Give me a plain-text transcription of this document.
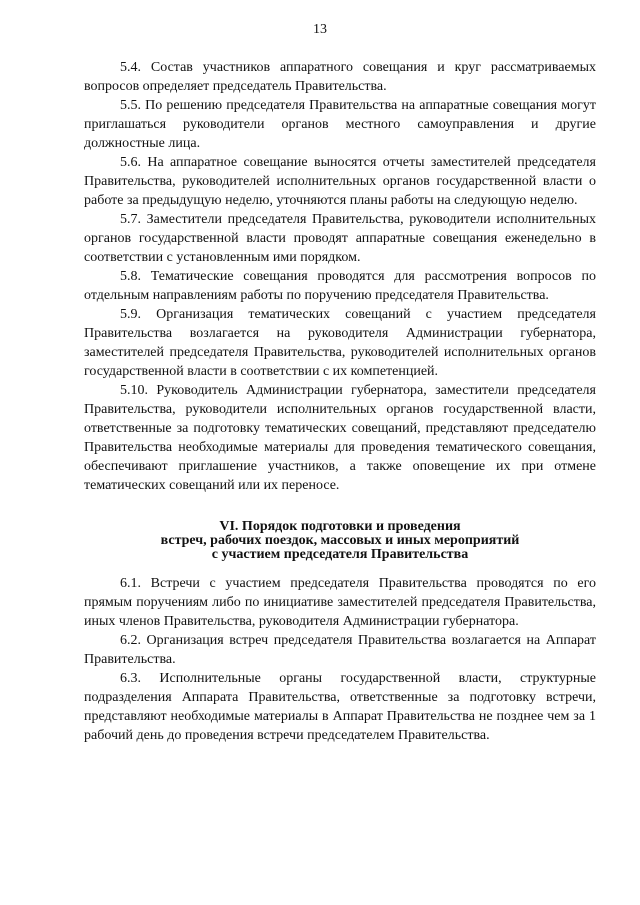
13

5.4. Состав участников аппаратного совещания и круг рассматриваемых вопросов определяет председатель Правительства.

5.5. По решению председателя Правительства на аппаратные совещания могут приглашаться руководители органов местного самоуправления и другие должностные лица.

5.6. На аппаратное совещание выносятся отчеты заместителей председателя Правительства, руководителей исполнительных органов государственной власти о работе за предыдущую неделю, уточняются планы работы на следующую неделю.

5.7. Заместители председателя Правительства, руководители исполнительных органов государственной власти проводят аппаратные совещания еженедельно в соответствии с установленным ими порядком.

5.8. Тематические совещания проводятся для рассмотрения вопросов по отдельным направлениям работы по поручению председателя Правительства.

5.9. Организация тематических совещаний с участием председателя Правительства возлагается на руководителя Администрации губернатора, заместителей председателя Правительства, руководителей исполнительных органов государственной власти в соответствии с их компетенцией.

5.10. Руководитель Администрации губернатора, заместители председателя Правительства, руководители исполнительных органов государственной власти, ответственные за подготовку тематических совещаний, представляют председателю Правительства необходимые материалы для проведения тематического совещания, обеспечивают приглашение участников, а также оповещение их при отмене тематических совещаний или их переносе.

VI. Порядок подготовки и проведения
встреч, рабочих поездок, массовых и иных мероприятий
с участием председателя Правительства

6.1. Встречи с участием председателя Правительства проводятся по его прямым поручениям либо по инициативе заместителей председателя Правительства, иных членов Правительства, руководителя Администрации губернатора.

6.2. Организация встреч председателя Правительства возлагается на Аппарат Правительства.

6.3. Исполнительные органы государственной власти, структурные подразделения Аппарата Правительства, ответственные за подготовку встречи, представляют необходимые материалы в Аппарат Правительства не позднее чем за 1 рабочий день до проведения встречи председателем Правительства.
